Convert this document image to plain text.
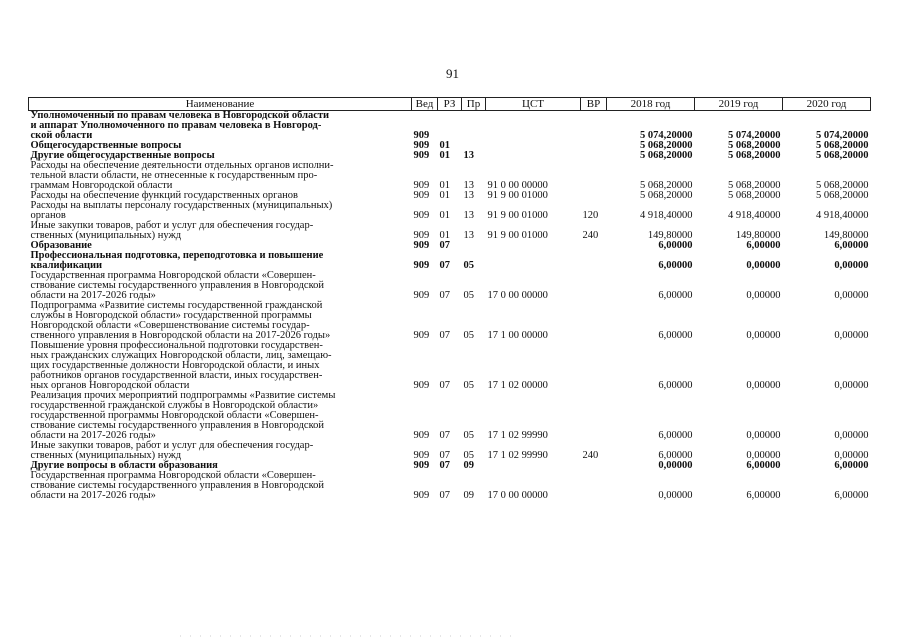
91
Наименование	Вед	РЗ	Пр	ЦСТ	ВР	2018 год	2019 год	2020 год

Уполномоченный по правам человека в Новгородской области
и аппарат Уполномоченного по правам человека в Новгород-
ской области	909					5 074,20000	5 074,20000	5 074,20000

Общегосударственные вопросы	909	01				5 068,20000	5 068,20000	5 068,20000

Другие общегосударственные вопросы	909	01	13			5 068,20000	5 068,20000	5 068,20000

Расходы на обеспечение деятельности отдельных органов исполни-
тельной власти области, не отнесенные к государственным про-
граммам Новгородской области	909	01	13	91 0 00 00000		5 068,20000	5 068,20000	5 068,20000

Расходы на обеспечение функций государственных органов	909	01	13	91 9 00 01000		5 068,20000	5 068,20000	5 068,20000

Расходы на выплаты персоналу государственных (муниципальных)
органов	909	01	13	91 9 00 01000	120	4 918,40000	4 918,40000	4 918,40000

Иные закупки товаров, работ и услуг для обеспечения государ-
ственных (муниципальных) нужд	909	01	13	91 9 00 01000	240	149,80000	149,80000	149,80000

Образование	909	07				6,00000	6,00000	6,00000

Профессиональная подготовка, переподготовка и повышение
квалификации	909	07	05			6,00000	0,00000	0,00000

Государственная программа Новгородской области «Совершен-
ствование системы государственного управления в Новгородской
области на 2017-2026 годы»	909	07	05	17 0 00 00000		6,00000	0,00000	0,00000

Подпрограмма «Развитие системы государственной гражданской
службы в Новгородской области» государственной программы
Новгородской области «Совершенствование системы государ-
ственного управления в Новгородской области на 2017-2026 годы»	909	07	05	17 1 00 00000		6,00000	0,00000	0,00000

Повышение уровня профессиональной подготовки государствен-
ных гражданских служащих Новгородской области, лиц, замещаю-
щих государственные должности Новгородской области, и иных
работников органов государственной власти, иных государствен-
ных органов Новгородской области	909	07	05	17 1 02 00000		6,00000	0,00000	0,00000

Реализация прочих мероприятий подпрограммы «Развитие системы
государственной гражданской службы в Новгородской области»
государственной программы Новгородской области «Совершен-
ствование системы государственного управления в Новгородской
области на 2017-2026 годы»	909	07	05	17 1 02 99990		6,00000	0,00000	0,00000

Иные закупки товаров, работ и услуг для обеспечения государ-
ственных (муниципальных) нужд	909	07	05	17 1 02 99990	240	6,00000	0,00000	0,00000

Другие вопросы в области образования	909	07	09			0,00000	6,00000	6,00000

Государственная программа Новгородской области «Совершен-
ствование системы государственного управления в Новгородской
области на 2017-2026 годы»	909	07	09	17 0 00 00000		0,00000	6,00000	6,00000
